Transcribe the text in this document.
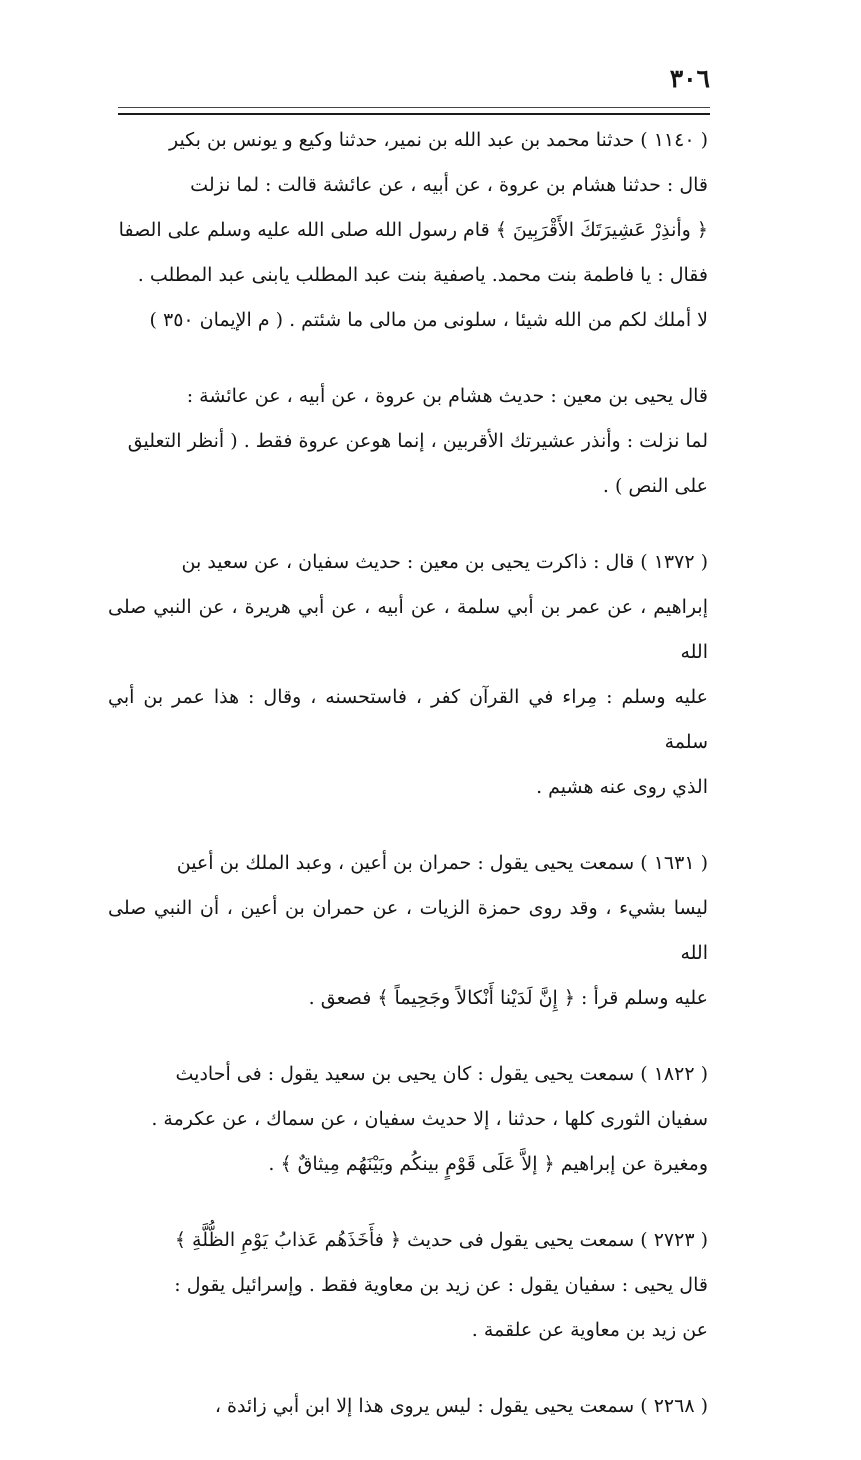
٣٠٦
( ١١٤٠ ) حدثنا محمد بن عبد الله بن نمير، حدثنا وكيع و يونس بن بكير
قال : حدثنا هشام بن عروة ، عن أبيه ، عن عائشة قالت : لما نزلت
﴿ وأنذِرْ عَشِيرَتَكَ الأَقْرَبِينَ ﴾ قام رسول الله صلى الله عليه وسلم على الصفا
فقال : يا فاطمة بنت محمد. ياصفية بنت عبد المطلب يابنى عبد المطلب .
لا أملك لكم من الله شيئا ، سلونى من مالى ما شئتم . ( م الإيمان ٣٥٠ )
قال يحيى بن معين : حديث هشام بن عروة ، عن أبيه ، عن عائشة :
لما نزلت : وأنذر عشيرتك الأقربين ، إنما هوعن عروة فقط . ( أنظر التعليق
على النص ) .
( ١٣٧٢ ) قال : ذاكرت يحيى بن معين : حديث سفيان ، عن سعيد بن
إبراهيم ، عن عمر بن أبي سلمة ، عن أبيه ، عن أبي هريرة ، عن النبي صلى الله
عليه وسلم : مِراء في القرآن كفر ، فاستحسنه ، وقال : هذا عمر بن أبي سلمة
الذي روى عنه هشيم .
( ١٦٣١ ) سمعت يحيى يقول : حمران بن أعين ، وعبد الملك بن أعين
ليسا بشيء ، وقد روى حمزة الزيات ، عن حمران بن أعين ، أن النبي صلى الله
عليه وسلم قرأ : ﴿ إِنَّ لَدَيْنا أَنْكالاً وجَحِيماً ﴾ فصعق .
( ١٨٢٢ ) سمعت يحيى يقول : كان يحيى بن سعيد يقول : فى أحاديث
سفيان الثورى كلها ، حدثنا ، إلا حديث سفيان ، عن سماك ، عن عكرمة .
ومغيرة عن إبراهيم ﴿ إلاَّ عَلَى قَوْمٍ بينكُم وبَيْنَهُم مِيثاقٌ ﴾ .
( ٢٧٢٣ ) سمعت يحيى يقول فى حديث ﴿ فأَخَذَهُم عَذابُ يَوْمِ الظُّلَّةِ ﴾
قال يحيى : سفيان يقول : عن زيد بن معاوية فقط . وإسرائيل يقول :
عن زيد بن معاوية عن علقمة .
( ٢٢٦٨ ) سمعت يحيى يقول : ليس يروى هذا إلا ابن أبي زائدة ،
